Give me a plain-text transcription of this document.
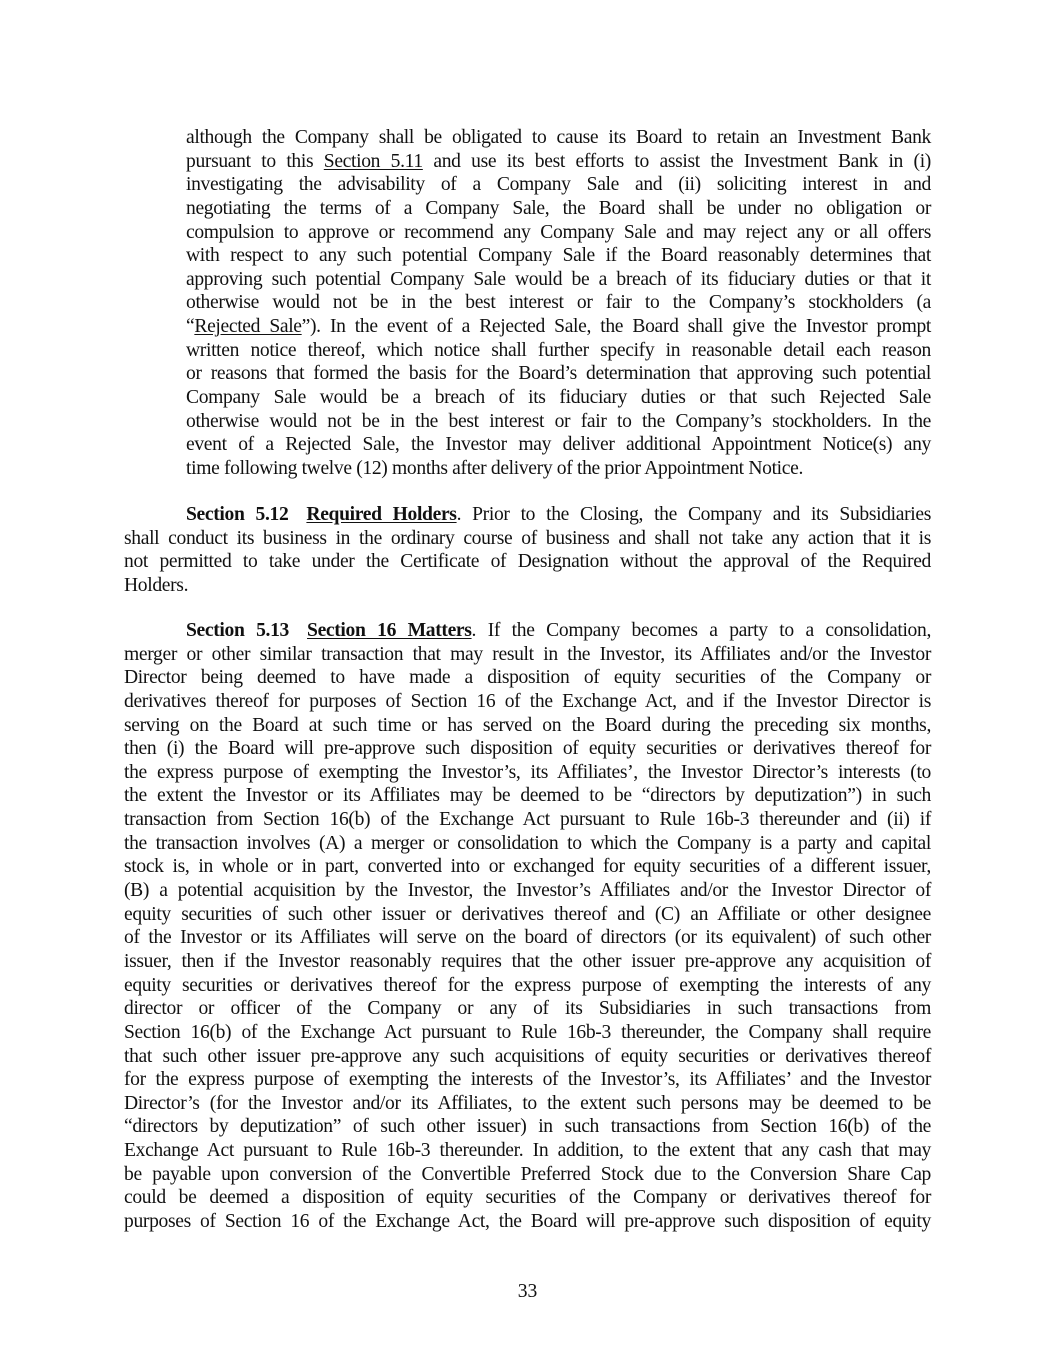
although the Company shall be obligated to cause its Board to retain an Investment Bank
pursuant to this Section 5.11 and use its best efforts to assist the Investment Bank in (i)
investigating the advisability of a Company Sale and (ii) soliciting interest in and
negotiating the terms of a Company Sale, the Board shall be under no obligation or
compulsion to approve or recommend any Company Sale and may reject any or all offers
with respect to any such potential Company Sale if the Board reasonably determines that
approving such potential Company Sale would be a breach of its fiduciary duties or that it
otherwise would not be in the best interest or fair to the Company’s stockholders (a
“Rejected Sale”). In the event of a Rejected Sale, the Board shall give the Investor prompt
written notice thereof, which notice shall further specify in reasonable detail each reason
or reasons that formed the basis for the Board’s determination that approving such potential
Company Sale would be a breach of its fiduciary duties or that such Rejected Sale
otherwise would not be in the best interest or fair to the Company’s stockholders. In the
event of a Rejected Sale, the Investor may deliver additional Appointment Notice(s) any
time following twelve (12) months after delivery of the prior Appointment Notice.
Section 5.12 Required Holders. Prior to the Closing, the Company and its Subsidiaries
shall conduct its business in the ordinary course of business and shall not take any action that it is
not permitted to take under the Certificate of Designation without the approval of the Required
Holders.
Section 5.13 Section 16 Matters. If the Company becomes a party to a consolidation,
merger or other similar transaction that may result in the Investor, its Affiliates and/or the Investor
Director being deemed to have made a disposition of equity securities of the Company or
derivatives thereof for purposes of Section 16 of the Exchange Act, and if the Investor Director is
serving on the Board at such time or has served on the Board during the preceding six months,
then (i) the Board will pre-approve such disposition of equity securities or derivatives thereof for
the express purpose of exempting the Investor’s, its Affiliates’, the Investor Director’s interests (to
the extent the Investor or its Affiliates may be deemed to be “directors by deputization”) in such
transaction from Section 16(b) of the Exchange Act pursuant to Rule 16b-3 thereunder and (ii) if
the transaction involves (A) a merger or consolidation to which the Company is a party and capital
stock is, in whole or in part, converted into or exchanged for equity securities of a different issuer,
(B) a potential acquisition by the Investor, the Investor’s Affiliates and/or the Investor Director of
equity securities of such other issuer or derivatives thereof and (C) an Affiliate or other designee
of the Investor or its Affiliates will serve on the board of directors (or its equivalent) of such other
issuer, then if the Investor reasonably requires that the other issuer pre-approve any acquisition of
equity securities or derivatives thereof for the express purpose of exempting the interests of any
director or officer of the Company or any of its Subsidiaries in such transactions from
Section 16(b) of the Exchange Act pursuant to Rule 16b-3 thereunder, the Company shall require
that such other issuer pre-approve any such acquisitions of equity securities or derivatives thereof
for the express purpose of exempting the interests of the Investor’s, its Affiliates’ and the Investor
Director’s (for the Investor and/or its Affiliates, to the extent such persons may be deemed to be
“directors by deputization” of such other issuer) in such transactions from Section 16(b) of the
Exchange Act pursuant to Rule 16b-3 thereunder. In addition, to the extent that any cash that may
be payable upon conversion of the Convertible Preferred Stock due to the Conversion Share Cap
could be deemed a disposition of equity securities of the Company or derivatives thereof for
purposes of Section 16 of the Exchange Act, the Board will pre-approve such disposition of equity
33
